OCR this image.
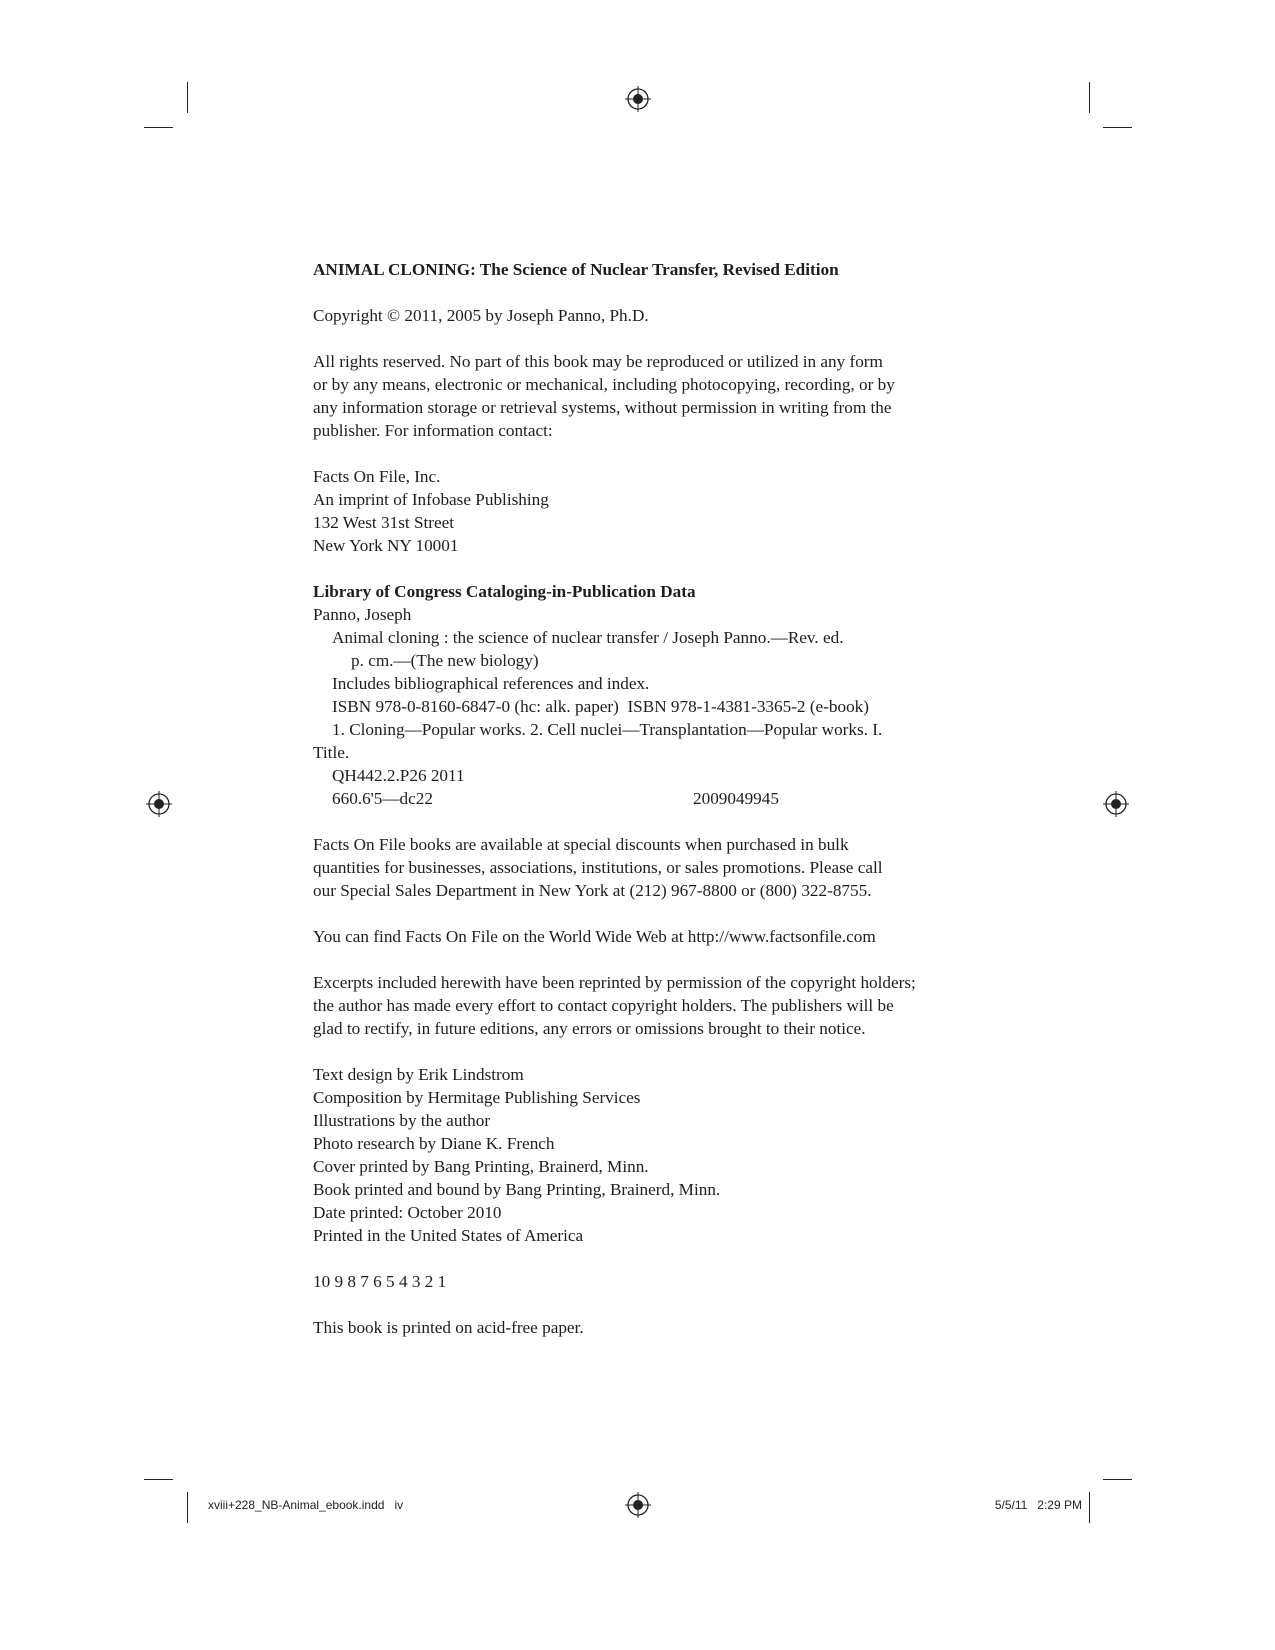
ANIMAL CLONING: The Science of Nuclear Transfer, Revised Edition

Copyright © 2011, 2005 by Joseph Panno, Ph.D.

All rights reserved. No part of this book may be reproduced or utilized in any form
or by any means, electronic or mechanical, including photocopying, recording, or by
any information storage or retrieval systems, without permission in writing from the
publisher. For information contact:

Facts On File, Inc.
An imprint of Infobase Publishing
132 West 31st Street
New York NY 10001

Library of Congress Cataloging-in-Publication Data
Panno, Joseph
Animal cloning : the science of nuclear transfer / Joseph Panno.—Rev. ed.
p. cm.—(The new biology)
Includes bibliographical references and index.
ISBN 978-0-8160-6847-0 (hc: alk. paper)  ISBN 978-1-4381-3365-2 (e-book)
1. Cloning—Popular works. 2. Cell nuclei—Transplantation—Popular works. I.
Title.
QH442.2.P26 2011
660.6'5—dc22	2009049945

Facts On File books are available at special discounts when purchased in bulk
quantities for businesses, associations, institutions, or sales promotions. Please call
our Special Sales Department in New York at (212) 967-8800 or (800) 322-8755.

You can find Facts On File on the World Wide Web at http://www.factsonfile.com

Excerpts included herewith have been reprinted by permission of the copyright holders;
the author has made every effort to contact copyright holders. The publishers will be
glad to rectify, in future editions, any errors or omissions brought to their notice.

Text design by Erik Lindstrom
Composition by Hermitage Publishing Services
Illustrations by the author
Photo research by Diane K. French
Cover printed by Bang Printing, Brainerd, Minn.
Book printed and bound by Bang Printing, Brainerd, Minn.
Date printed: October 2010
Printed in the United States of America

10 9 8 7 6 5 4 3 2 1

This book is printed on acid-free paper.

xviii+228_NB-Animal_ebook.indd   iv	5/5/11   2:29 PM
